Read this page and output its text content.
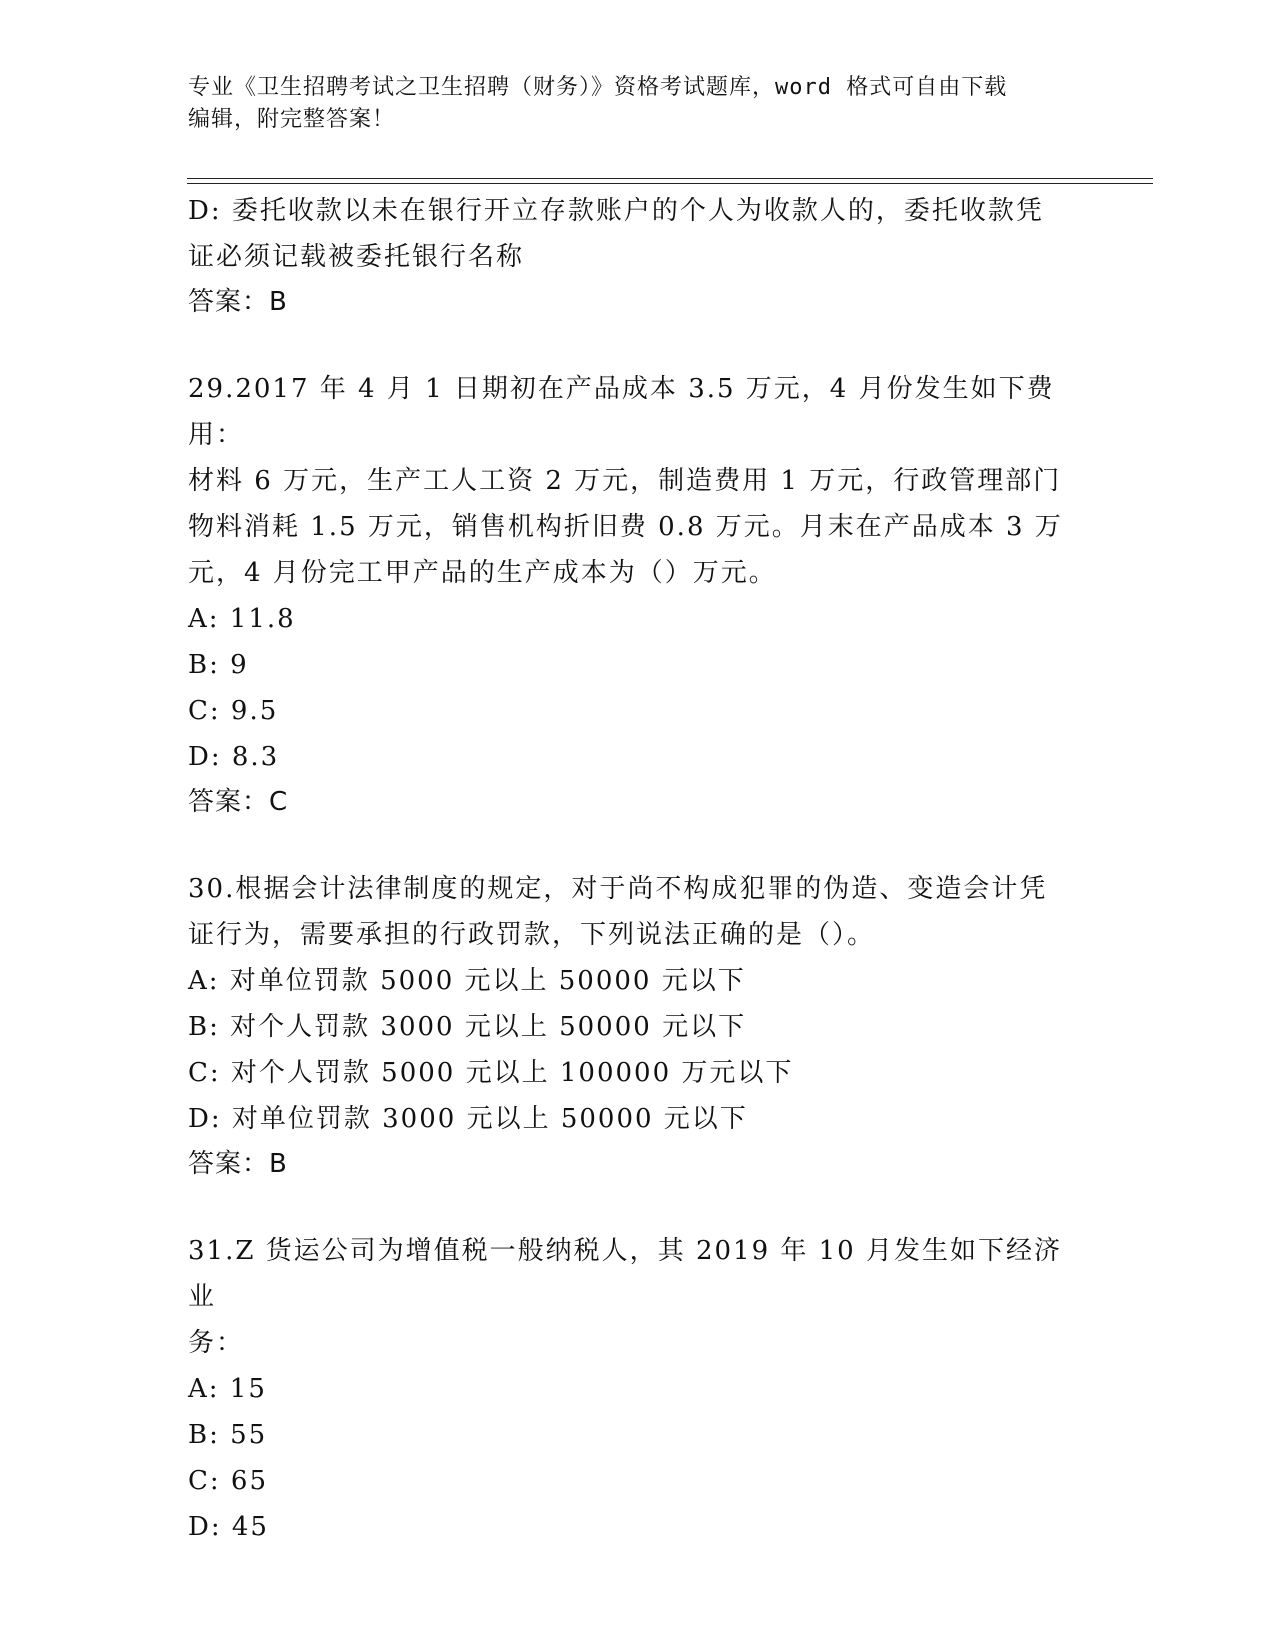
专业《卫生招聘考试之卫生招聘（财务）》资格考试题库，word 格式可自由下载
编辑，附完整答案！
D: 委托收款以未在银行开立存款账户的个人为收款人的，委托收款凭
证必须记载被委托银行名称
答案：B
29.2017 年 4 月 1 日期初在产品成本 3.5 万元，4 月份发生如下费用：
材料 6 万元，生产工人工资 2 万元，制造费用 1 万元，行政管理部门
物料消耗 1.5 万元，销售机构折旧费 0.8 万元。月末在产品成本 3 万
元，4 月份完工甲产品的生产成本为（）万元。
A: 11.8
B: 9
C: 9.5
D: 8.3
答案：C
30.根据会计法律制度的规定，对于尚不构成犯罪的伪造、变造会计凭
证行为，需要承担的行政罚款，下列说法正确的是（）。
A: 对单位罚款 5000 元以上 50000 元以下
B: 对个人罚款 3000 元以上 50000 元以下
C: 对个人罚款 5000 元以上 100000 万元以下
D: 对单位罚款 3000 元以上 50000 元以下
答案：B
31.Z 货运公司为增值税一般纳税人，其 2019 年 10 月发生如下经济业
务：
A: 15
B: 55
C: 65
D: 45
